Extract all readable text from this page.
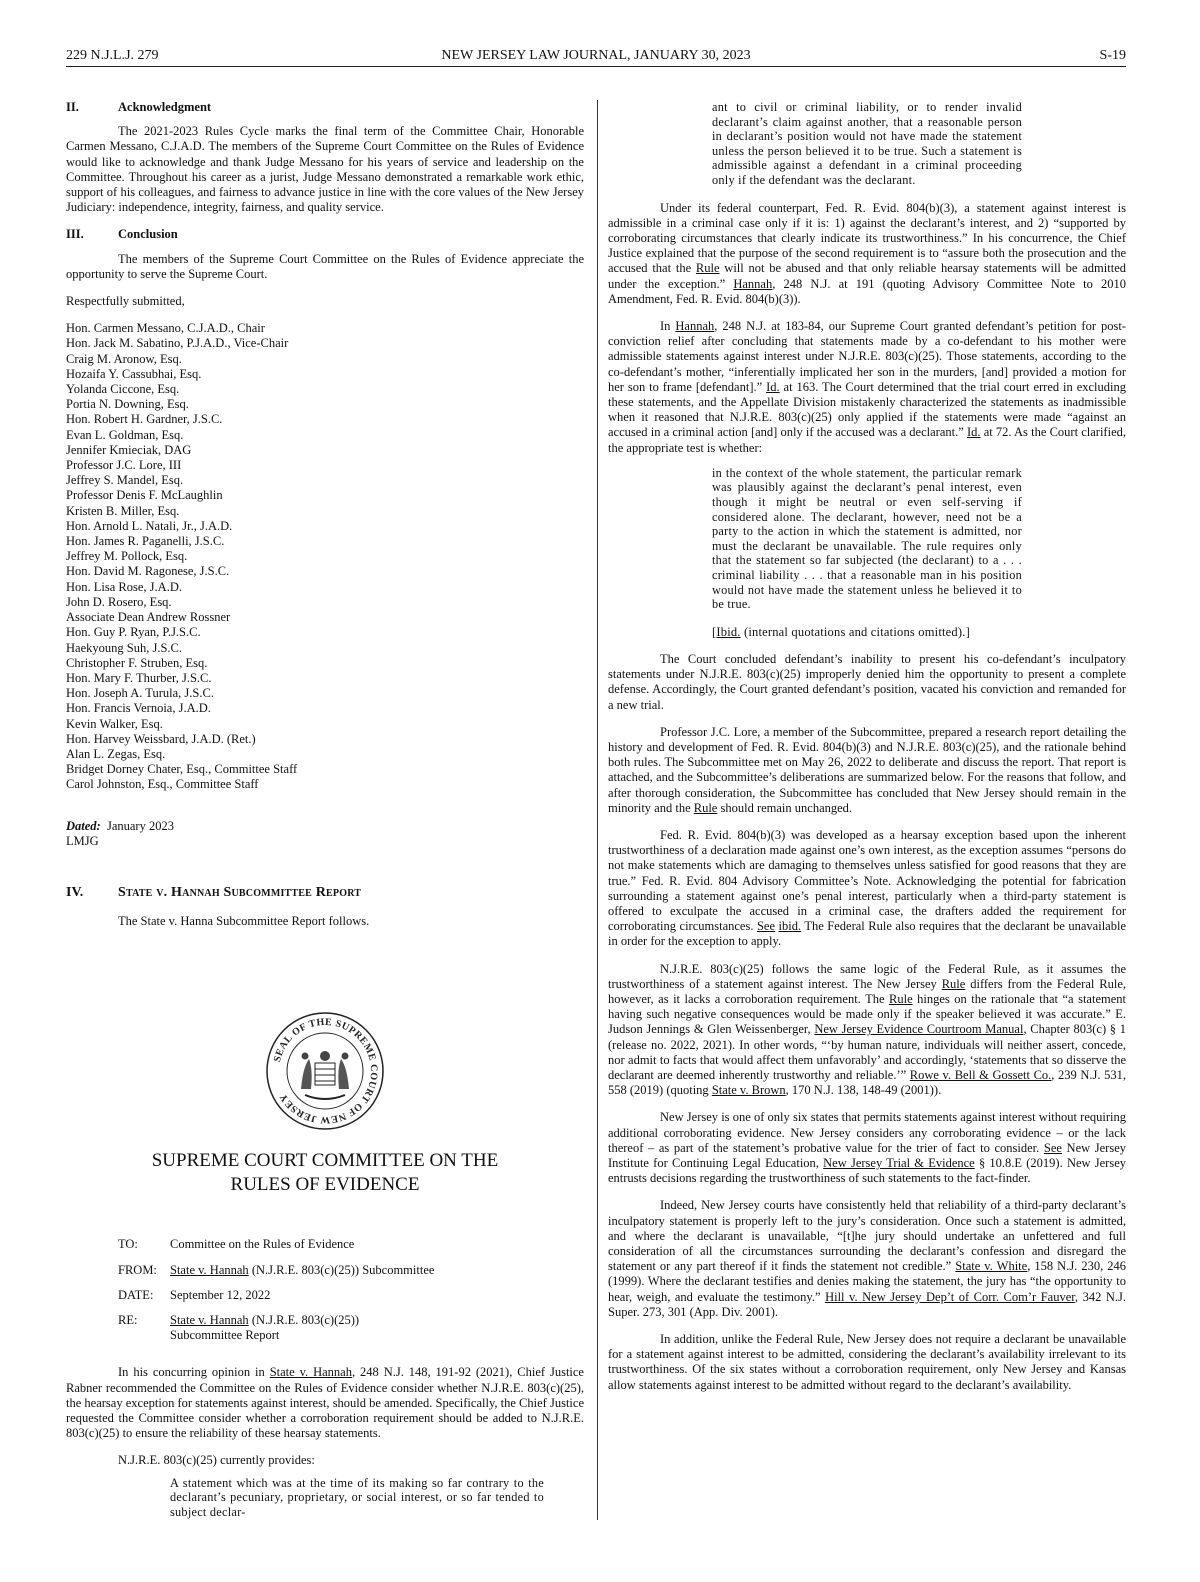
229 N.J.L.J. 279	NEW JERSEY LAW JOURNAL, JANUARY 30, 2023	S-19
II.	Acknowledgment

The 2021-2023 Rules Cycle marks the final term of the Committee Chair, Honorable Carmen Messano, C.J.A.D. The members of the Supreme Court Committee on the Rules of Evidence would like to acknowledge and thank Judge Messano for his years of service and leadership on the Committee. Throughout his career as a jurist, Judge Messano demonstrated a remarkable work ethic, support of his colleagues, and fairness to advance justice in line with the core values of the New Jersey Judiciary: independence, integrity, fairness, and quality service.

III.	Conclusion

The members of the Supreme Court Committee on the Rules of Evidence appreciate the opportunity to serve the Supreme Court.

Respectfully submitted,

Hon. Carmen Messano, C.J.A.D., Chair
Hon. Jack M. Sabatino, P.J.A.D., Vice-Chair
Craig M. Aronow, Esq.
Hozaifa Y. Cassubhai, Esq.
Yolanda Ciccone, Esq.
Portia N. Downing, Esq.
Hon. Robert H. Gardner, J.S.C.
Evan L. Goldman, Esq.
Jennifer Kmieciak, DAG
Professor J.C. Lore, III
Jeffrey S. Mandel, Esq.
Professor Denis F. McLaughlin
Kristen B. Miller, Esq.
Hon. Arnold L. Natali, Jr., J.A.D.
Hon. James R. Paganelli, J.S.C.
Jeffrey M. Pollock, Esq.
Hon. David M. Ragonese, J.S.C.
Hon. Lisa Rose, J.A.D.
John D. Rosero, Esq.
Associate Dean Andrew Rossner
Hon. Guy P. Ryan, P.J.S.C.
Haekyoung Suh, J.S.C.
Christopher F. Struben, Esq.
Hon. Mary F. Thurber, J.S.C.
Hon. Joseph A. Turula, J.S.C.
Hon. Francis Vernoia, J.A.D.
Kevin Walker, Esq.
Hon. Harvey Weissbard, J.A.D. (Ret.)
Alan L. Zegas, Esq.
Bridget Dorney Chater, Esq., Committee Staff
Carol Johnston, Esq., Committee Staff
Dated: January 2023
LMJG
IV.	State v. Hannah Subcommittee Report

The State v. Hanna Subcommittee Report follows.

SEAL OF THE SUPREME COURT OF NEW JERSEY
SUPREME COURT COMMITTEE ON THE
RULES OF EVIDENCE
TO:	Committee on the Rules of Evidence
FROM:	State v. Hannah (N.J.R.E. 803(c)(25)) Subcommittee
DATE:	September 12, 2022
RE:	State v. Hannah (N.J.R.E. 803(c)(25))
Subcommittee Report

In his concurring opinion in State v. Hannah, 248 N.J. 148, 191-92 (2021), Chief Justice Rabner recommended the Committee on the Rules of Evidence consider whether N.J.R.E. 803(c)(25), the hearsay exception for statements against interest, should be amended. Specifically, the Chief Justice requested the Committee consider whether a corroboration requirement should be added to N.J.R.E. 803(c)(25) to ensure the reliability of these hearsay statements.

N.J.R.E. 803(c)(25) currently provides:

A statement which was at the time of its making so far contrary to the declarant’s pecuniary, proprietary, or social interest, or so far tended to subject declar-
ant to civil or criminal liability, or to render invalid declarant’s claim against another, that a reasonable person in declarant’s position would not have made the statement unless the person believed it to be true. Such a statement is admissible against a defendant in a criminal proceeding only if the defendant was the declarant.

Under its federal counterpart, Fed. R. Evid. 804(b)(3), a statement against interest is admissible in a criminal case only if it is: 1) against the declarant’s interest, and 2) “supported by corroborating circumstances that clearly indicate its trustworthiness.” In his concurrence, the Chief Justice explained that the purpose of the second requirement is to “assure both the prosecution and the accused that the Rule will not be abused and that only reliable hearsay statements will be admitted under the exception.” Hannah, 248 N.J. at 191 (quoting Advisory Committee Note to 2010 Amendment, Fed. R. Evid. 804(b)(3)).

In Hannah, 248 N.J. at 183-84, our Supreme Court granted defendant’s petition for post-conviction relief after concluding that statements made by a co-defendant to his mother were admissible statements against interest under N.J.R.E. 803(c)(25). Those statements, according to the co-defendant’s mother, “inferentially implicated her son in the murders, [and] provided a motion for her son to frame [defendant].” Id. at 163. The Court determined that the trial court erred in excluding these statements, and the Appellate Division mistakenly characterized the statements as inadmissible when it reasoned that N.J.R.E. 803(c)(25) only applied if the statements were made “against an accused in a criminal action [and] only if the accused was a declarant.” Id. at 72. As the Court clarified, the appropriate test is whether:

in the context of the whole statement, the particular remark was plausibly against the declarant’s penal interest, even though it might be neutral or even self-serving if considered alone. The declarant, however, need not be a party to the action in which the statement is admitted, nor must the declarant be unavailable. The rule requires only that the statement so far subjected (the declarant) to a . . . criminal liability . . . that a reasonable man in his position would not have made the statement unless he believed it to be true.
[Ibid. (internal quotations and citations omitted).]

The Court concluded defendant’s inability to present his co-defendant’s inculpatory statements under N.J.R.E. 803(c)(25) improperly denied him the opportunity to present a complete defense. Accordingly, the Court granted defendant’s position, vacated his conviction and remanded for a new trial.

Professor J.C. Lore, a member of the Subcommittee, prepared a research report detailing the history and development of Fed. R. Evid. 804(b)(3) and N.J.R.E. 803(c)(25), and the rationale behind both rules. The Subcommittee met on May 26, 2022 to deliberate and discuss the report. That report is attached, and the Subcommittee’s deliberations are summarized below. For the reasons that follow, and after thorough consideration, the Subcommittee has concluded that New Jersey should remain in the minority and the Rule should remain unchanged.

Fed. R. Evid. 804(b)(3) was developed as a hearsay exception based upon the inherent trustworthiness of a declaration made against one’s own interest, as the exception assumes “persons do not make statements which are damaging to themselves unless satisfied for good reasons that they are true.” Fed. R. Evid. 804 Advisory Committee’s Note. Acknowledging the potential for fabrication surrounding a statement against one’s penal interest, particularly when a third-party statement is offered to exculpate the accused in a criminal case, the drafters added the requirement for corroborating circumstances. See ibid. The Federal Rule also requires that the declarant be unavailable in order for the exception to apply.

N.J.R.E. 803(c)(25) follows the same logic of the Federal Rule, as it assumes the trustworthiness of a statement against interest. The New Jersey Rule differs from the Federal Rule, however, as it lacks a corroboration requirement. The Rule hinges on the rationale that “a statement having such negative consequences would be made only if the speaker believed it was accurate.” E. Judson Jennings & Glen Weissenberger, New Jersey Evidence Courtroom Manual, Chapter 803(c) § 1 (release no. 2022, 2021). In other words, “‘by human nature, individuals will neither assert, concede, nor admit to facts that would affect them unfavorably’ and accordingly, ‘statements that so disserve the declarant are deemed inherently trustworthy and reliable.’” Rowe v. Bell & Gossett Co., 239 N.J. 531, 558 (2019) (quoting State v. Brown, 170 N.J. 138, 148-49 (2001)).

New Jersey is one of only six states that permits statements against interest without requiring additional corroborating evidence. New Jersey considers any corroborating evidence – or the lack thereof – as part of the statement’s probative value for the trier of fact to consider. See New Jersey Institute for Continuing Legal Education, New Jersey Trial & Evidence § 10.8.E (2019). New Jersey entrusts decisions regarding the trustworthiness of such statements to the fact-finder.

Indeed, New Jersey courts have consistently held that reliability of a third-party declarant’s inculpatory statement is properly left to the jury’s consideration. Once such a statement is admitted, and where the declarant is unavailable, “[t]he jury should undertake an unfettered and full consideration of all the circumstances surrounding the declarant’s confession and disregard the statement or any part thereof if it finds the statement not credible.” State v. White, 158 N.J. 230, 246 (1999). Where the declarant testifies and denies making the statement, the jury has “the opportunity to hear, weigh, and evaluate the testimony.” Hill v. New Jersey Dep’t of Corr. Com’r Fauver, 342 N.J. Super. 273, 301 (App. Div. 2001).

In addition, unlike the Federal Rule, New Jersey does not require a declarant be unavailable for a statement against interest to be admitted, considering the declarant’s availability irrelevant to its trustworthiness. Of the six states without a corroboration requirement, only New Jersey and Kansas allow statements against interest to be admitted without regard to the declarant’s availability.
